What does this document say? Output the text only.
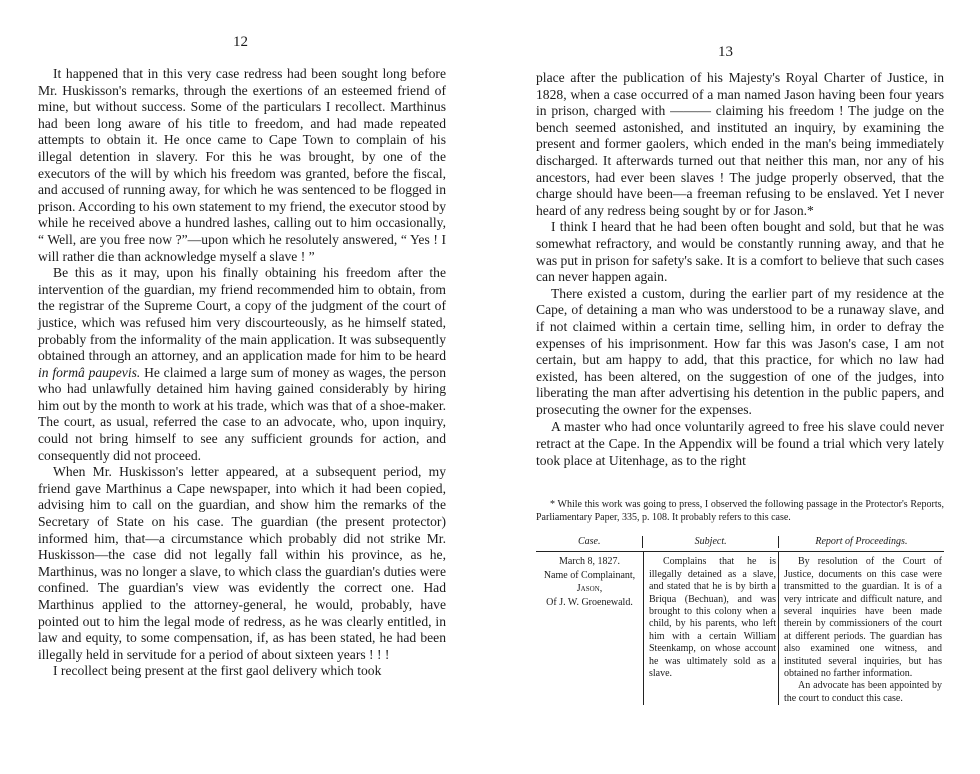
12

It happened that in this very case redress had been sought long before Mr. Huskisson's remarks, through the exertions of an esteemed friend of mine, but without success. Some of the particulars I recollect. Marthinus had been long aware of his title to freedom, and had made repeated attempts to obtain it. He once came to Cape Town to complain of his illegal detention in slavery. For this he was brought, by one of the executors of the will by which his freedom was granted, before the fiscal, and accused of running away, for which he was sentenced to be flogged in prison. According to his own statement to my friend, the executor stood by while he received above a hundred lashes, calling out to him occasionally, “ Well, are you free now ?”—upon which he resolutely answered, “ Yes ! I will rather die than acknowledge myself a slave ! ”

Be this as it may, upon his finally obtaining his freedom after the intervention of the guardian, my friend recommended him to obtain, from the registrar of the Supreme Court, a copy of the judgment of the court of justice, which was refused him very discourteously, as he himself stated, probably from the informality of the main application. It was subsequently obtained through an attorney, and an application made for him to be heard in formâ paupevis. He claimed a large sum of money as wages, the person who had unlawfully detained him having gained considerably by hiring him out by the month to work at his trade, which was that of a shoe-maker. The court, as usual, referred the case to an advocate, who, upon inquiry, could not bring himself to see any sufficient grounds for action, and consequently did not proceed.

When Mr. Huskisson's letter appeared, at a subsequent period, my friend gave Marthinus a Cape newspaper, into which it had been copied, advising him to call on the guardian, and show him the remarks of the Secretary of State on his case. The guardian (the present protector) informed him, that—a circumstance which probably did not strike Mr. Huskisson—the case did not legally fall within his province, as he, Marthinus, was no longer a slave, to which class the guardian's duties were confined. The guardian's view was evidently the correct one. Had Marthinus applied to the attorney-general, he would, probably, have pointed out to him the legal mode of redress, as he was clearly entitled, in law and equity, to some compensation, if, as has been stated, he had been illegally held in servitude for a period of about sixteen years ! ! !

I recollect being present at the first gaol delivery which took

13

place after the publication of his Majesty's Royal Charter of Justice, in 1828, when a case occurred of a man named Jason having been four years in prison, charged with ——— claiming his freedom ! The judge on the bench seemed astonished, and instituted an inquiry, by examining the present and former gaolers, which ended in the man's being immediately discharged. It afterwards turned out that neither this man, nor any of his ancestors, had ever been slaves ! The judge properly observed, that the charge should have been—a freeman refusing to be enslaved. Yet I never heard of any redress being sought by or for Jason.*

I think I heard that he had been often bought and sold, but that he was somewhat refractory, and would be constantly running away, and that he was put in prison for safety's sake. It is a comfort to believe that such cases can never happen again.

There existed a custom, during the earlier part of my residence at the Cape, of detaining a man who was understood to be a runaway slave, and if not claimed within a certain time, selling him, in order to defray the expenses of his imprisonment. How far this was Jason's case, I am not certain, but am happy to add, that this practice, for which no law had existed, has been altered, on the suggestion of one of the judges, into liberating the man after advertising his detention in the public papers, and prosecuting the owner for the expenses.

A master who had once voluntarily agreed to free his slave could never retract at the Cape. In the Appendix will be found a trial which very lately took place at Uitenhage, as to the right

* While this work was going to press, I observed the following passage in the Protector's Reports, Parliamentary Paper, 335, p. 108. It probably refers to this case.
Case.	Subject.	Report of Proceedings.
March 8, 1827.
Name of Complainant,
Jason,
Of J. W. Groenewald.
Complains that he is illegally detained as a slave, and stated that he is by birth a Briqua (Bechuan), and was brought to this colony when a child, by his parents, who left him with a certain William Steenkamp, on whose account he was ultimately sold as a slave.

By resolution of the Court of Justice, documents on this case were transmitted to the guardian. It is of a very intricate and difficult nature, and several inquiries have been made therein by commissioners of the court at different periods. The guardian has also examined one witness, and instituted several inquiries, but has obtained no farther information.

An advocate has been appointed by the court to conduct this case.
